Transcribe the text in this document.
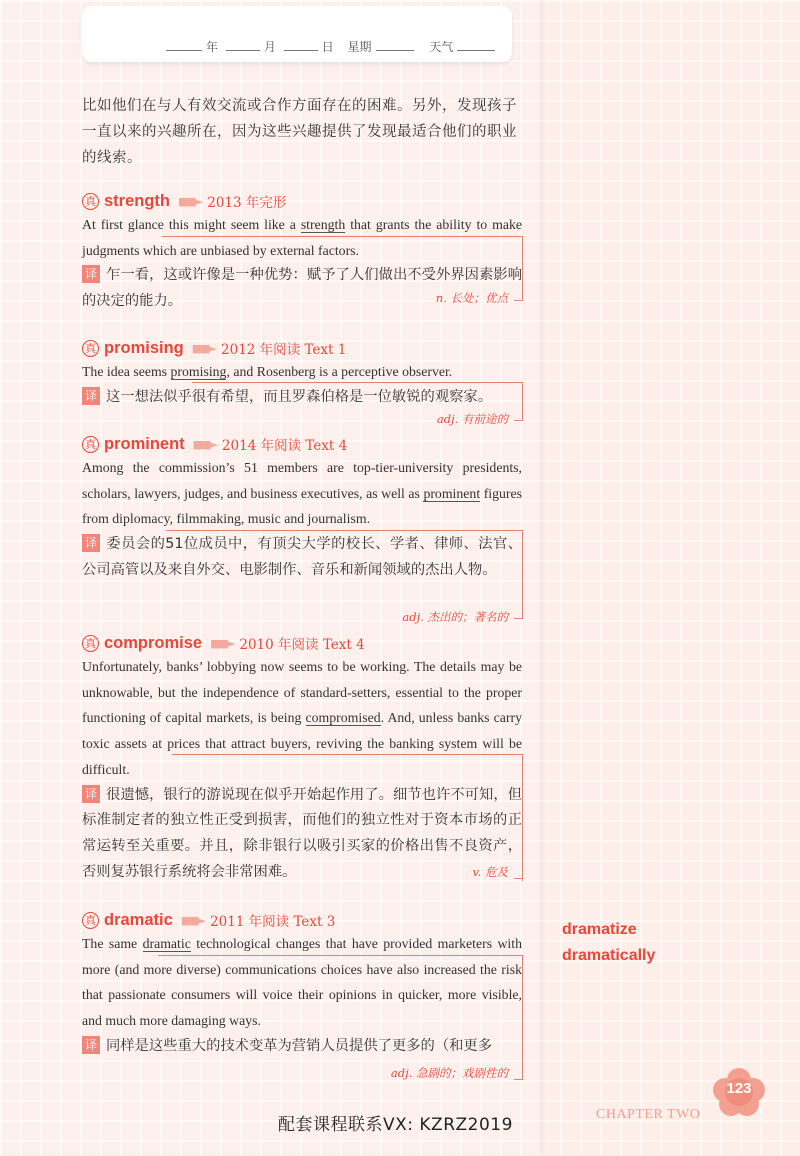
年	月	日 星期	天气
比如他们在与人有效交流或合作方面存在的困难。另外，发现孩子一直以来的兴趣所在，因为这些兴趣提供了发现最适合他们的职业的线索。
真 strength ■■► 2013 年完形
At first glance this might seem like a strength that grants the ability to make judgments which are unbiased by external factors.
译 乍一看，这或许像是一种优势：赋予了人们做出不受外界因素影响的决定的能力。	n. 长处；优点
真 promising ■■► 2012 年阅读 Text 1
The idea seems promising, and Rosenberg is a perceptive observer.
译 这一想法似乎很有希望，而且罗森伯格是一位敏锐的观察家。
adj. 有前途的
真 prominent ■■► 2014 年阅读 Text 4
Among the commission’s 51 members are top-tier-university presidents, scholars, lawyers, judges, and business executives, as well as prominent figures from diplomacy, filmmaking, music and journalism.
译 委员会的51位成员中，有顶尖大学的校长、学者、律师、法官、公司高管以及来自外交、电影制作、音乐和新闻领域的杰出人物。
adj. 杰出的；著名的
真 compromise ■■► 2010 年阅读 Text 4
Unfortunately, banks’ lobbying now seems to be working. The details may be unknowable, but the independence of standard-setters, essential to the proper functioning of capital markets, is being compromised. And, unless banks carry toxic assets at prices that attract buyers, reviving the banking system will be difficult.
译 很遗憾，银行的游说现在似乎开始起作用了。细节也许不可知，但标准制定者的独立性正受到损害，而他们的独立性对于资本市场的正常运转至关重要。并且，除非银行以吸引买家的价格出售不良资产，否则复苏银行系统将会非常困难。	v. 危及
真 dramatic ■■► 2011 年阅读 Text 3
The same dramatic technological changes that have provided marketers with more (and more diverse) communications choices have also increased the risk that passionate consumers will voice their opinions in quicker, more visible, and much more damaging ways.
译 同样是这些重大的技术变革为营销人员提供了更多的（和更多
adj. 急剧的；戏剧性的
dramatize
dramatically
配套课程联系VX: KZRZ2019
CHAPTER TWO
123
